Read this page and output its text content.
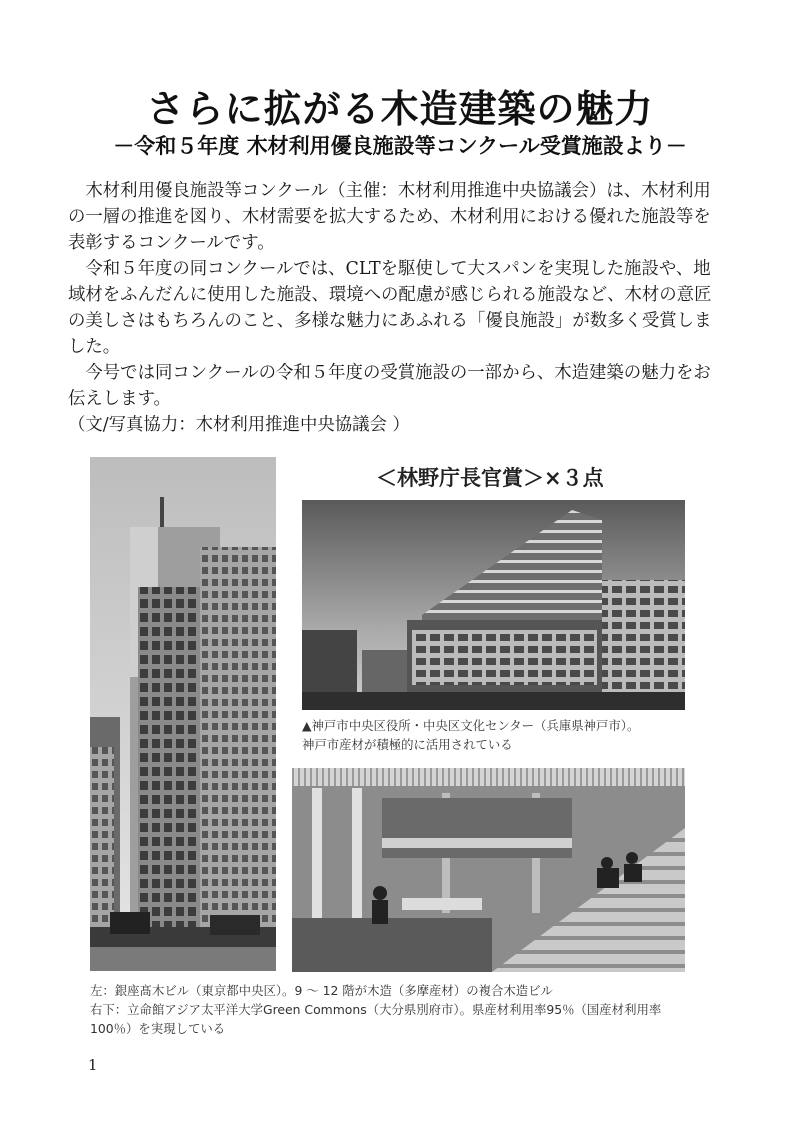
さらに拡がる木造建築の魅力
－令和５年度 木材利用優良施設等コンクール受賞施設より－

木材利用優良施設等コンクール（主催：木材利用推進中央協議会）は、木材利用の一層の推進を図り、木材需要を拡大するため、木材利用における優れた施設等を表彰するコンクールです。

令和５年度の同コンクールでは、CLTを駆使して大スパンを実現した施設や、地域材をふんだんに使用した施設、環境への配慮が感じられる施設など、木材の意匠の美しさはもちろんのこと、多様な魅力にあふれる「優良施設」が数多く受賞しました。

今号では同コンクールの令和５年度の受賞施設の一部から、木造建築の魅力をお伝えします。

（文/写真協力：木材利用推進中央協議会 ）

＜林野庁長官賞＞×３点
▲神戸市中央区役所・中央区文化センター（兵庫県神戸市）。
神戸市産材が積極的に活用されている
左：銀座髙木ビル（東京都中央区）。9 ～ 12 階が木造（多摩産材）の複合木造ビル
右下：立命館アジア太平洋大学Green Commons（大分県別府市）。県産材利用率95％（国産材利用率
100％）を実現している
1
